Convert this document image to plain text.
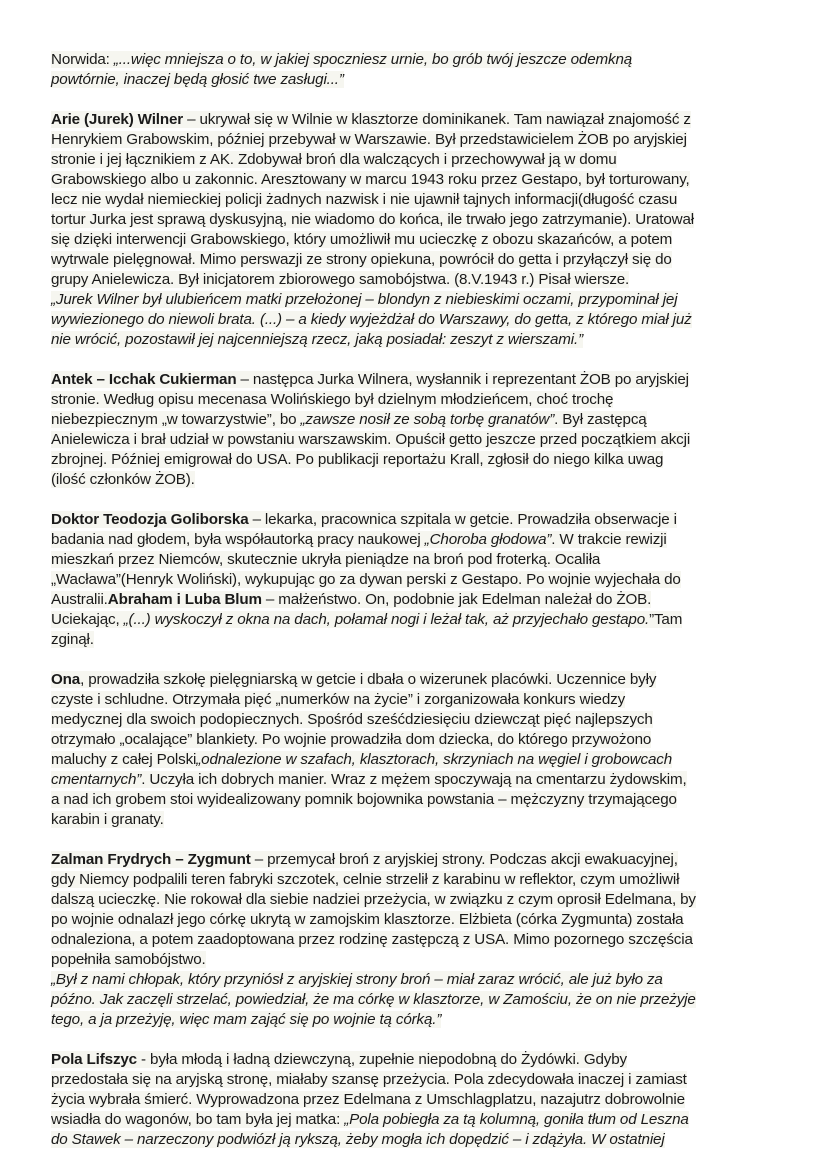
Norwida: „...więc mniejsza o to, w jakiej spoczniesz urnie, bo grób twój jeszcze odemkną
powtórnie, inaczej będą głosić twe zasługi...”
Arie (Jurek) Wilner – ukrywał się w Wilnie w klasztorze dominikanek. Tam nawiązał znajomość z
Henrykiem Grabowskim, później przebywał w Warszawie. Był przedstawicielem ŻOB po aryjskiej
stronie i jej łącznikiem z AK. Zdobywał broń dla walczących i przechowywał ją w domu
Grabowskiego albo u zakonnic. Aresztowany w marcu 1943 roku przez Gestapo, był torturowany,
lecz nie wydał niemieckiej policji żadnych nazwisk i nie ujawnił tajnych informacji(długość czasu
tortur Jurka jest sprawą dyskusyjną, nie wiadomo do końca, ile trwało jego zatrzymanie). Uratował
się dzięki interwencji Grabowskiego, który umożliwił mu ucieczkę z obozu skazańców, a potem
wytrwale pielęgnował. Mimo perswazji ze strony opiekuna, powrócił do getta i przyłączył się do
grupy Anielewicza. Był inicjatorem zbiorowego samobójstwa. (8.V.1943 r.) Pisał wiersze.
„Jurek Wilner był ulubieńcem matki przełożonej – blondyn z niebieskimi oczami, przypominał jej
wywiezionego do niewoli brata. (...) – a kiedy wyjeżdżał do Warszawy, do getta, z którego miał już
nie wrócić, pozostawił jej najcenniejszą rzecz, jaką posiadał: zeszyt z wierszami.”
Antek – Icchak Cukierman – następca Jurka Wilnera, wysłannik i reprezentant ŻOB po aryjskiej
stronie. Według opisu mecenasa Wolińskiego był dzielnym młodzieńcem, choć trochę
niebezpiecznym „w towarzystwie”, bo „zawsze nosił ze sobą torbę granatów”. Był zastępcą
Anielewicza i brał udział w powstaniu warszawskim. Opuścił getto jeszcze przed początkiem akcji
zbrojnej. Później emigrował do USA. Po publikacji reportażu Krall, zgłosił do niego kilka uwag
(ilość członków ŻOB).
Doktor Teodozja Goliborska – lekarka, pracownica szpitala w getcie. Prowadziła obserwacje i
badania nad głodem, była współautorką pracy naukowej „Choroba głodowa”. W trakcie rewizji
mieszkań przez Niemców, skutecznie ukryła pieniądze na broń pod froterką. Ocaliła
„Wacława”(Henryk Woliński), wykupując go za dywan perski z Gestapo. Po wojnie wyjechała do
Australii.Abraham i Luba Blum – małżeństwo. On, podobnie jak Edelman należał do ŻOB.
Uciekając, „(...) wyskoczył z okna na dach, połamał nogi i leżał tak, aż przyjechało gestapo.”Tam
zginął.
Ona, prowadziła szkołę pielęgniarską w getcie i dbała o wizerunek placówki. Uczennice były
czyste i schludne. Otrzymała pięć „numerków na życie” i zorganizowała konkurs wiedzy
medycznej dla swoich podopiecznych. Spośród sześćdziesięciu dziewcząt pięć najlepszych
otrzymało „ocalające” blankiety. Po wojnie prowadziła dom dziecka, do którego przywożono
maluchy z całej Polski„odnalezione w szafach, klasztorach, skrzyniach na węgiel i grobowcach
cmentarnych”. Uczyła ich dobrych manier. Wraz z mężem spoczywają na cmentarzu żydowskim,
a nad ich grobem stoi wyidealizowany pomnik bojownika powstania – mężczyzny trzymającego
karabin i granaty.
Zalman Frydrych – Zygmunt – przemycał broń z aryjskiej strony. Podczas akcji ewakuacyjnej,
gdy Niemcy podpalili teren fabryki szczotek, celnie strzelił z karabinu w reflektor, czym umożliwił
dalszą ucieczkę. Nie rokował dla siebie nadziei przeżycia, w związku z czym oprosił Edelmana, by
po wojnie odnalazł jego córkę ukrytą w zamojskim klasztorze. Elżbieta (córka Zygmunta) została
odnaleziona, a potem zaadoptowana przez rodzinę zastępczą z USA. Mimo pozornego szczęścia
popełniła samobójstwo.
„Był z nami chłopak, który przyniósł z aryjskiej strony broń – miał zaraz wrócić, ale już było za
późno. Jak zaczęli strzelać, powiedział, że ma córkę w klasztorze, w Zamościu, że on nie przeżyje
tego, a ja przeżyję, więc mam zająć się po wojnie tą córką.”
Pola Lifszyc - była młodą i ładną dziewczyną, zupełnie niepodobną do Żydówki. Gdyby
przedostała się na aryjską stronę, miałaby szansę przeżycia. Pola zdecydowała inaczej i zamiast
życia wybrała śmierć. Wyprowadzona przez Edelmana z Umschlagplatzu, nazajutrz dobrowolnie
wsiadła do wagonów, bo tam była jej matka: „Pola pobiegła za tą kolumną, goniła tłum od Leszna
do Stawek – narzeczony podwiózł ją rykszą, żeby mogła ich dopędzić – i zdążyła. W ostatniej
